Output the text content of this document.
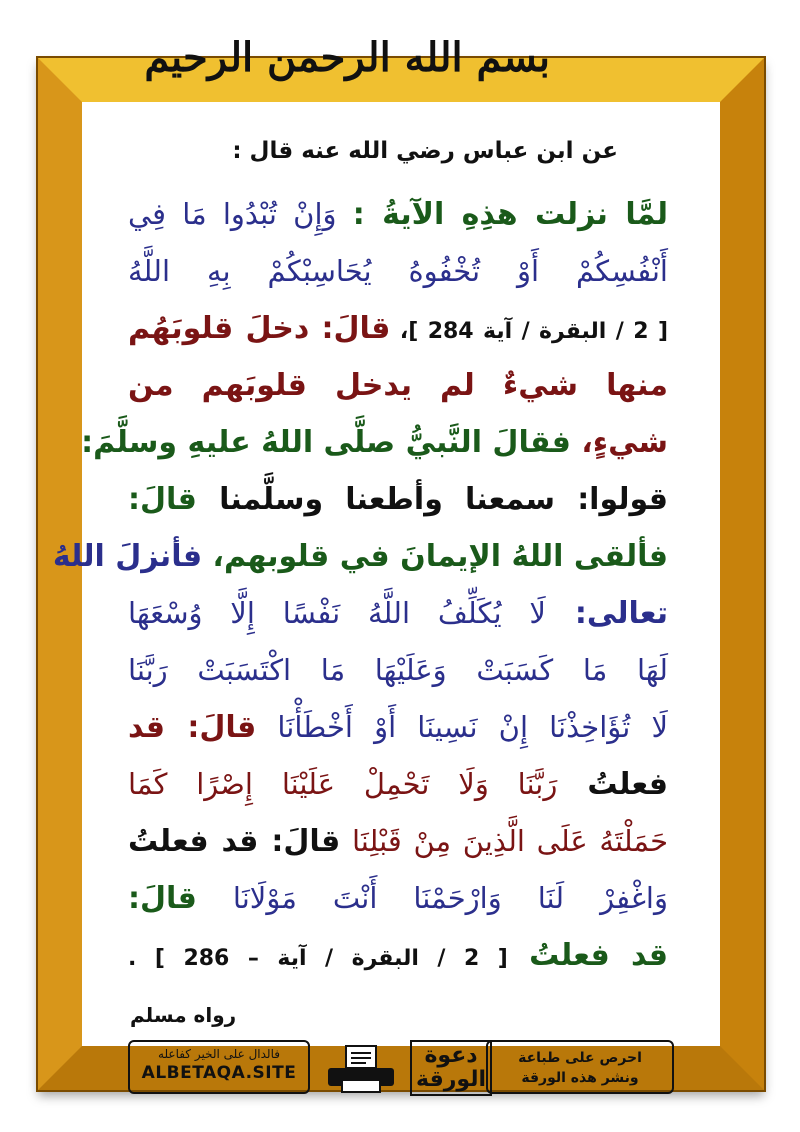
بسم الله الرحمن الرحيم
عن ابن عباس رضي الله عنه قال :
لمَّا نزلت هذِهِ الآيةُ : وَإِنْ تُبْدُوا مَا فِي
أَنْفُسِكُمْ أَوْ تُخْفُوهُ يُحَاسِبْكُمْ بِهِ اللَّهُ
[ 2 / البقرة / آية 284 ]، قالَ: دخلَ قلوبَهُم
منها شيءٌ لم يدخل قلوبَهم من
شيءٍ، فقالَ النَّبيُّ صلَّى اللهُ عليهِ وسلَّمَ:
قولوا: سمعنا وأطعنا وسلَّمنا قالَ:
فألقى اللهُ الإيمانَ في قلوبهم، فأنزلَ اللهُ
تعالى: لَا يُكَلِّفُ اللَّهُ نَفْسًا إِلَّا وُسْعَهَا
لَهَا مَا كَسَبَتْ وَعَلَيْهَا مَا اكْتَسَبَتْ رَبَّنَا
لَا تُؤَاخِذْنَا إِنْ نَسِينَا أَوْ أَخْطَأْنَا قالَ: قد
فعلتُ رَبَّنَا وَلَا تَحْمِلْ عَلَيْنَا إِصْرًا كَمَا
حَمَلْتَهُ عَلَى الَّذِينَ مِنْ قَبْلِنَا قالَ: قد فعلتُ
وَاغْفِرْ لَنَا وَارْحَمْنَا أَنْتَ مَوْلَانَا قالَ:
قد فعلتُ [ 2 / البقرة / آية – 286 ] .
رواه مسلم
فالدال على الخير كفاعله
ALBETAQA.SITE
دعوة
الورقة
احرص على طباعة
ونشر هذه الورقة
